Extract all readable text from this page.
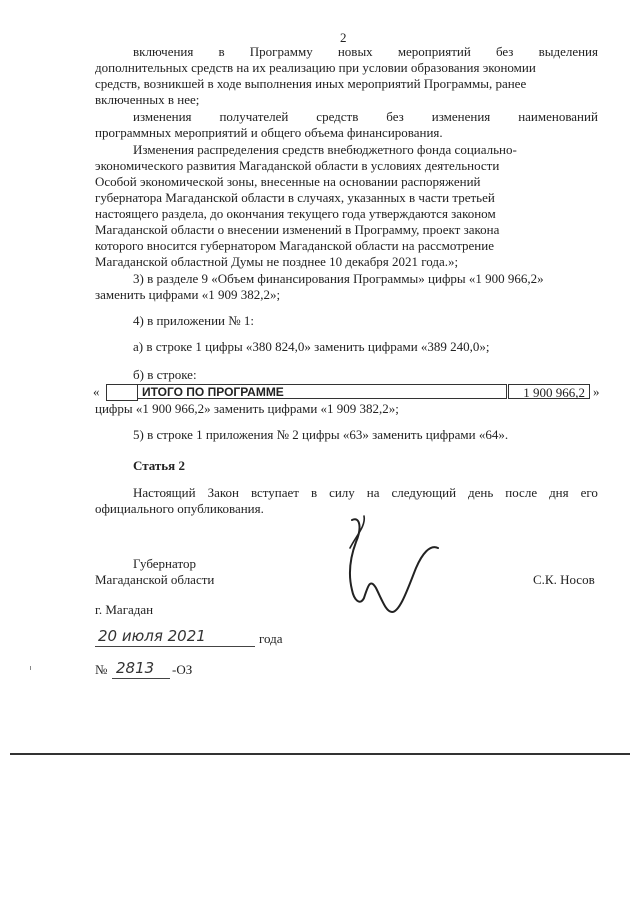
2
включения в Программу новых мероприятий без выделения
дополнительных средств на их реализацию при условии образования экономии
средств, возникшей в ходе выполнения иных мероприятий Программы, ранее
включенных в нее;
изменения получателей средств без изменения наименований
программных мероприятий и общего объема финансирования.
Изменения распределения средств внебюджетного фонда социально-
экономического развития Магаданской области в условиях деятельности
Особой экономической зоны, внесенные на основании распоряжений
губернатора Магаданской области в случаях, указанных в части третьей
настоящего раздела, до окончания текущего года утверждаются законом
Магаданской области о внесении изменений в Программу, проект закона
которого вносится губернатором Магаданской области на рассмотрение
Магаданской областной Думы не позднее 10 декабря 2021 года.»;
3) в разделе 9 «Объем финансирования Программы» цифры «1 900 966,2»
заменить цифрами «1 909 382,2»;
4) в приложении № 1:
а) в строке 1 цифры «380 824,0» заменить цифрами «389 240,0»;
б) в строке:
«	ИТОГО ПО ПРОГРАММЕ	1 900 966,2 »
цифры «1 900 966,2» заменить цифрами «1 909 382,2»;
5) в строке 1 приложения № 2 цифры «63» заменить цифрами «64».
Статья 2
Настоящий Закон вступает в силу на следующий день после дня его
официального опубликования.
Губернатор
Магаданской области	С.К. Носов
г. Магадан
20 июля 2021	года
№ 2813 -ОЗ
